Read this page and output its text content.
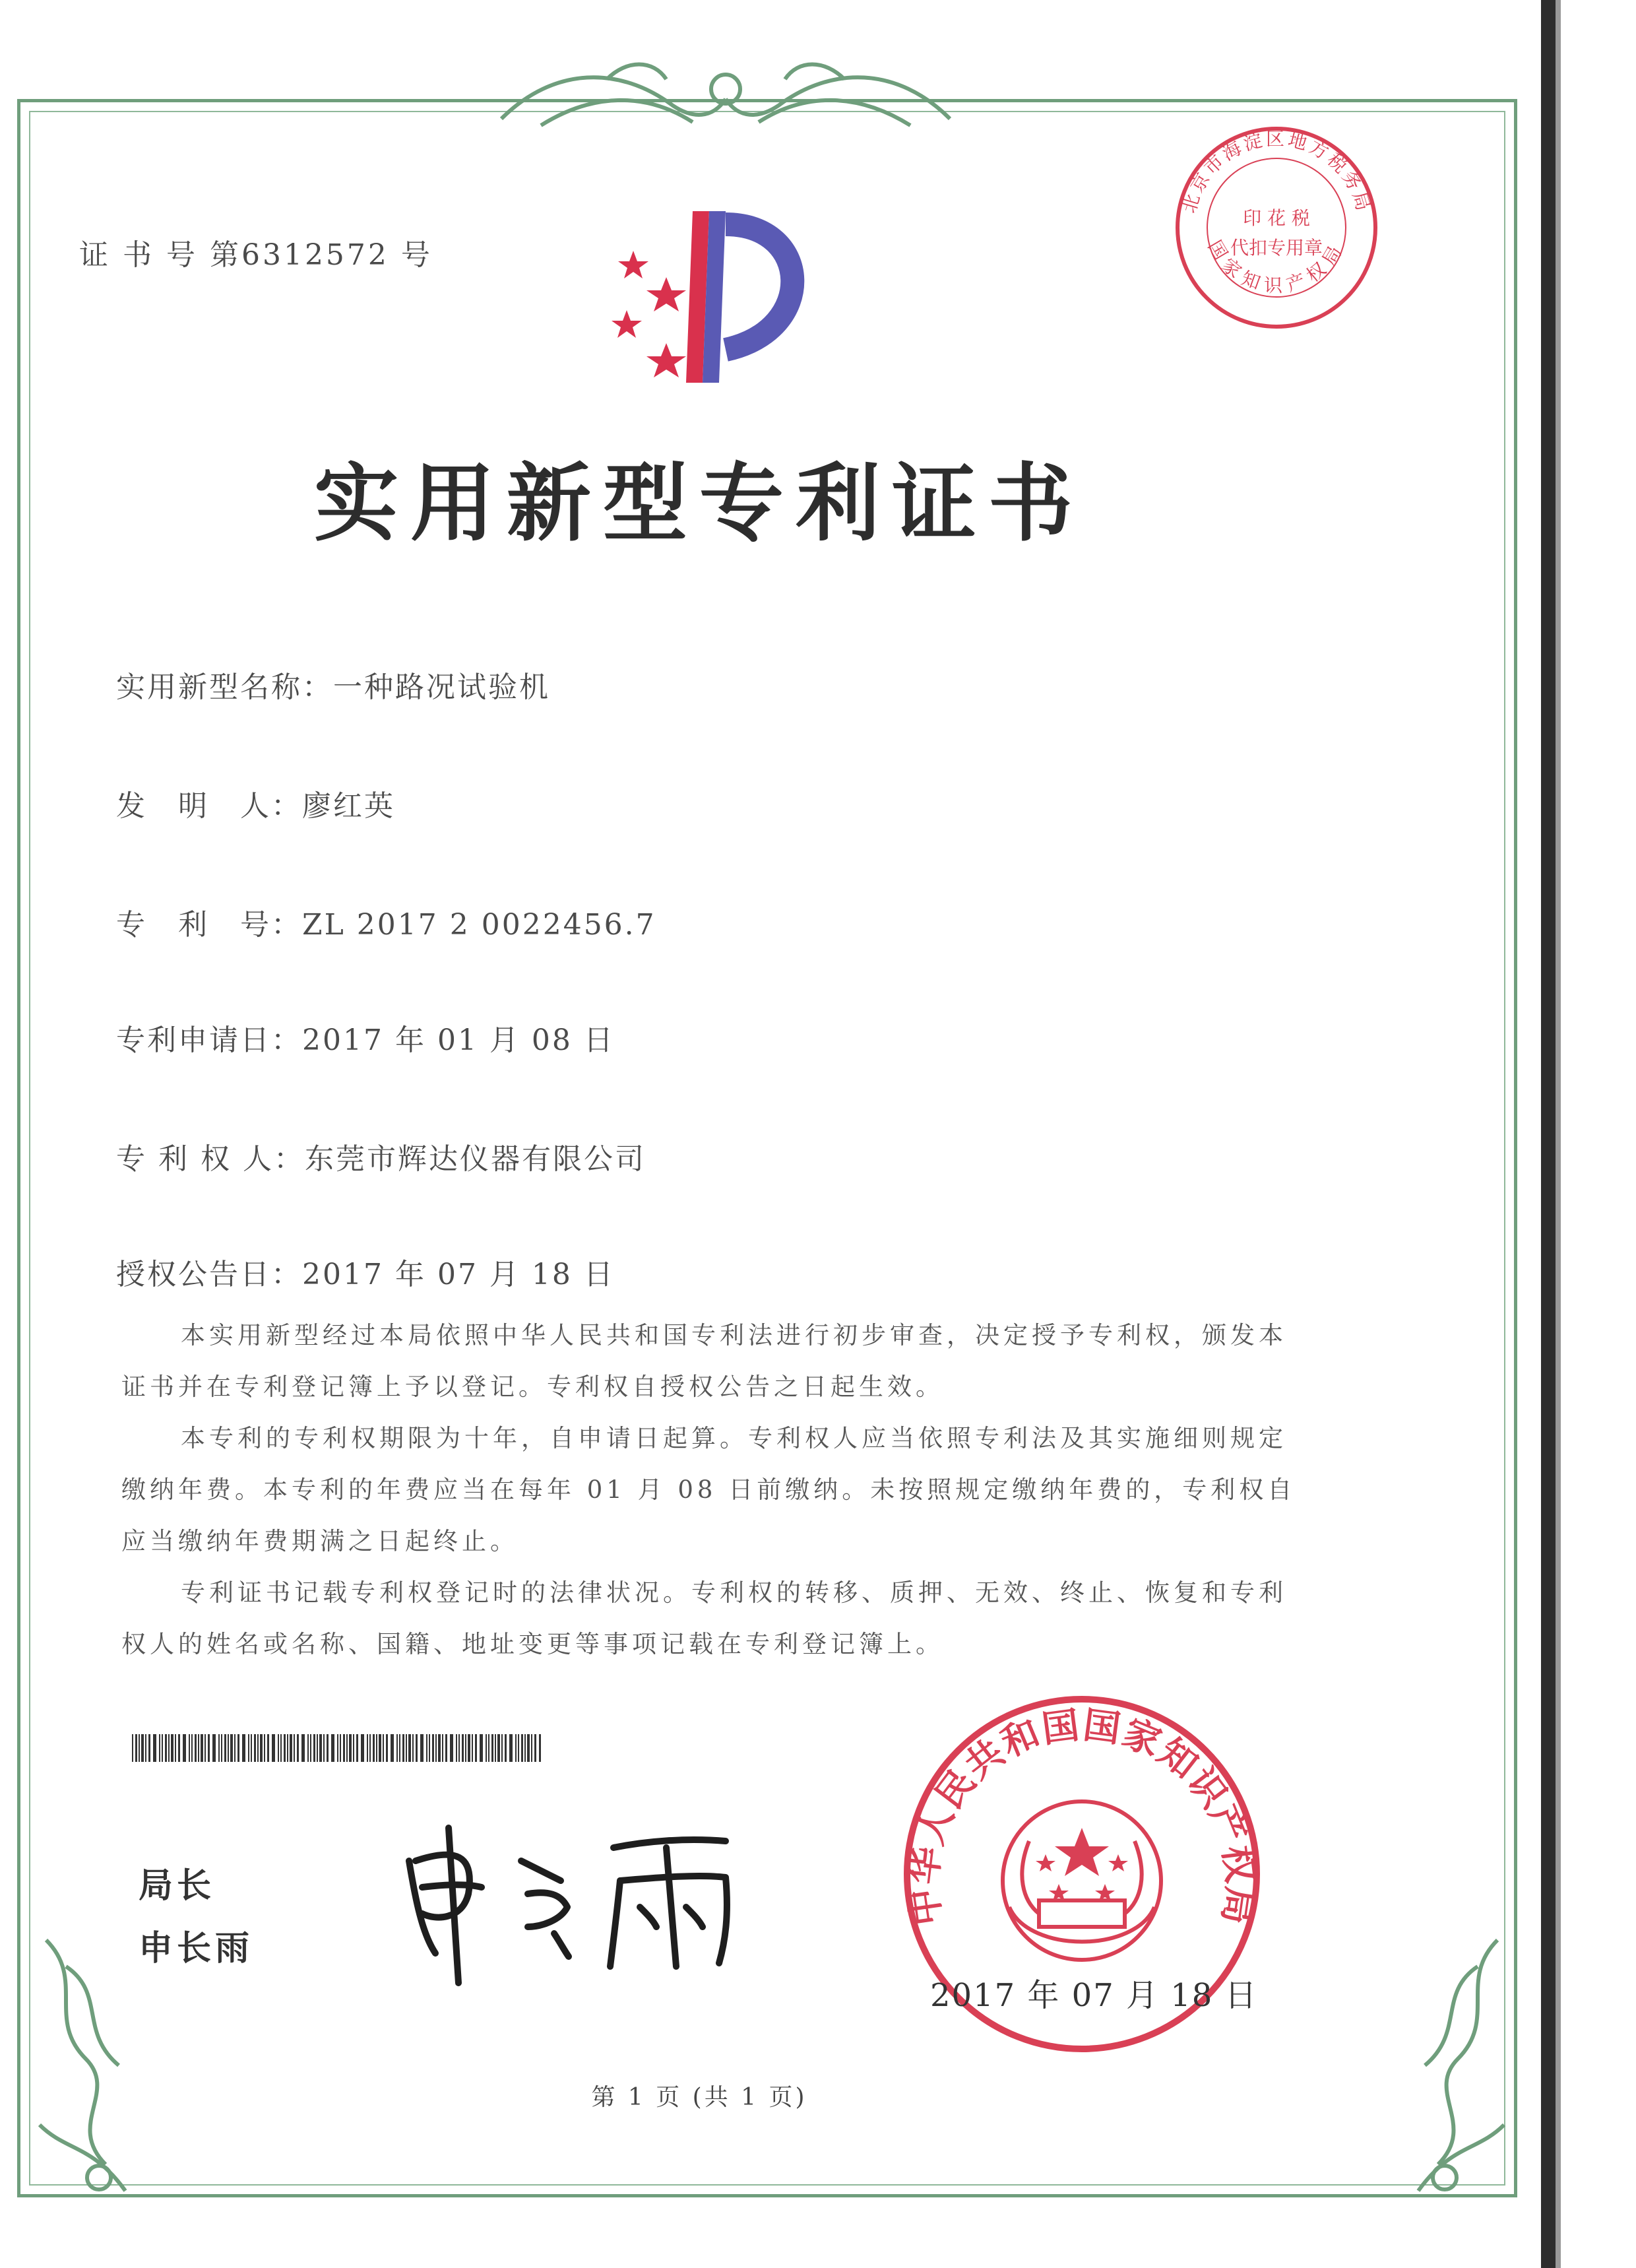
证 书 号 第6312572 号
北京市海淀区地方税务局
国家知识产权局
印 花 税
代扣专用章
实用新型专利证书
实用新型名称：一种路况试验机
发　明　人：廖红英
专　利　号：ZL 2017 2 0022456.7
专利申请日：2017 年 01 月 08 日
专 利 权 人：东莞市辉达仪器有限公司
授权公告日：2017 年 07 月 18 日

本实用新型经过本局依照中华人民共和国专利法进行初步审查，决定授予专利权，颁发本证书并在专利登记簿上予以登记。专利权自授权公告之日起生效。

本专利的专利权期限为十年，自申请日起算。专利权人应当依照专利法及其实施细则规定缴纳年费。本专利的年费应当在每年 01 月 08 日前缴纳。未按照规定缴纳年费的，专利权自应当缴纳年费期满之日起终止。

专利证书记载专利权登记时的法律状况。专利权的转移、质押、无效、终止、恢复和专利权人的姓名或名称、国籍、地址变更等事项记载在专利登记簿上。

局长
申长雨
中华人民共和国国家知识产权局
2017 年 07 月 18 日
第 1 页 (共 1 页)
